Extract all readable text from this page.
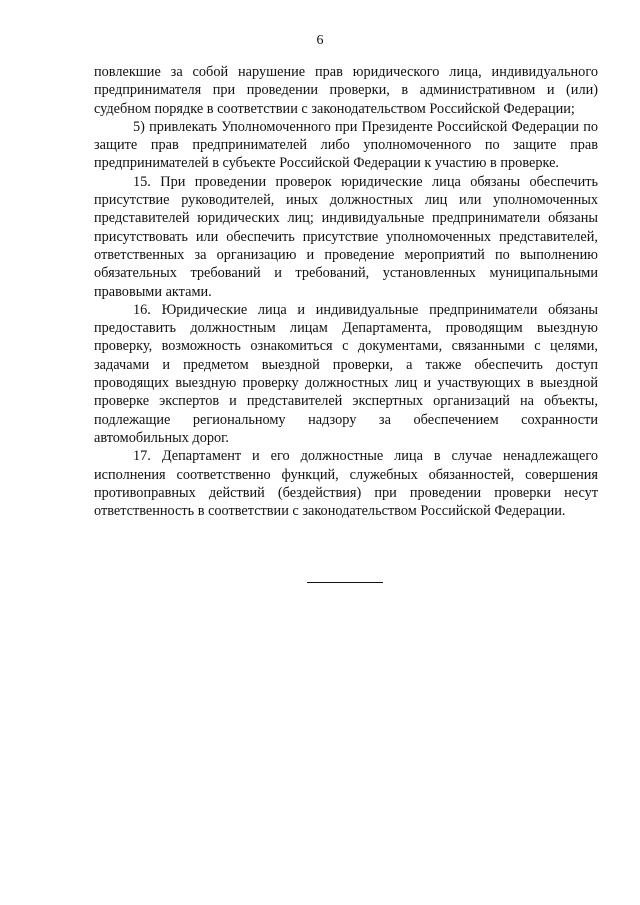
6

повлекшие за собой нарушение прав юридического лица, индивидуального предпринимателя при проведении проверки, в административном и (или) судебном порядке в соответствии с законодательством Российской Федерации;

5) привлекать Уполномоченного при Президенте Российской Федерации по защите прав предпринимателей либо уполномоченного по защите прав предпринимателей в субъекте Российской Федерации к участию в проверке.

15. При проведении проверок юридические лица обязаны обеспечить присутствие руководителей, иных должностных лиц или уполномоченных представителей юридических лиц; индивидуальные предприниматели обязаны присутствовать или обеспечить присутствие уполномоченных представителей, ответственных за организацию и проведение мероприятий по выполнению обязательных требований и требований, установленных муниципальными правовыми актами.

16. Юридические лица и индивидуальные предприниматели обязаны предоставить должностным лицам Департамента, проводящим выездную проверку, возможность ознакомиться с документами, связанными с целями, задачами и предметом выездной проверки, а также обеспечить доступ проводящих выездную проверку должностных лиц и участвующих в выездной проверке экспертов и представителей экспертных организаций на объекты, подлежащие региональному надзору за обеспечением сохранности автомобильных дорог.

17. Департамент и его должностные лица в случае ненадлежащего исполнения соответственно функций, служебных обязанностей, совершения противоправных действий (бездействия) при проведении проверки несут ответственность в соответствии с законодательством Российской Федерации.
